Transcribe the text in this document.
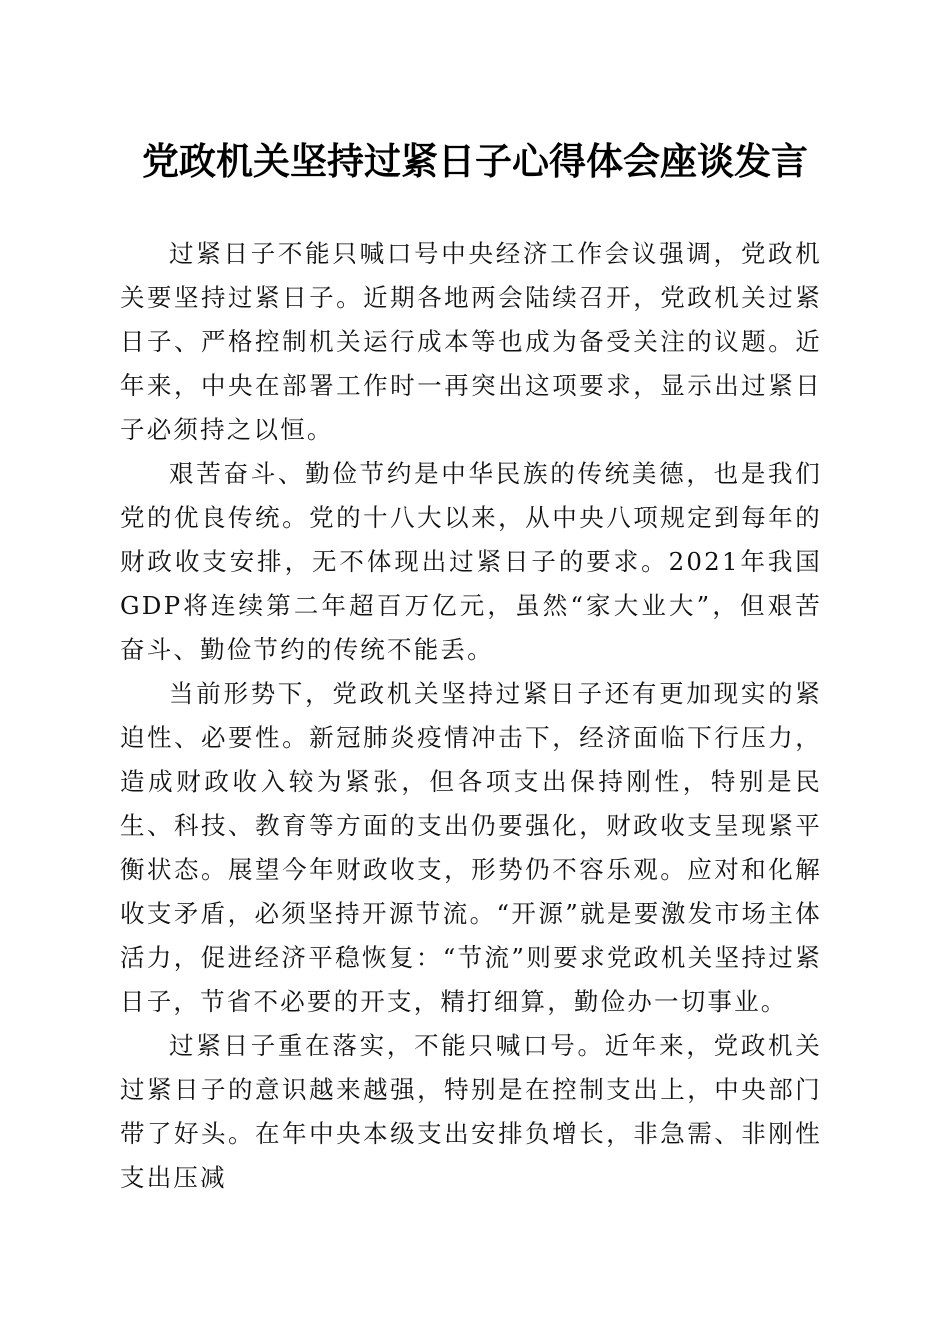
党政机关坚持过紧日子心得体会座谈发言

过紧日子不能只喊口号中央经济工作会议强调，党政机关要坚持过紧日子。近期各地两会陆续召开，党政机关过紧日子、严格控制机关运行成本等也成为备受关注的议题。近年来，中央在部署工作时一再突出这项要求，显示出过紧日子必须持之以恒。

艰苦奋斗、勤俭节约是中华民族的传统美德，也是我们党的优良传统。党的十八大以来，从中央八项规定到每年的财政收支安排，无不体现出过紧日子的要求。2021年我国GDP将连续第二年超百万亿元，虽然“家大业大”，但艰苦奋斗、勤俭节约的传统不能丢。

当前形势下，党政机关坚持过紧日子还有更加现实的紧迫性、必要性。新冠肺炎疫情冲击下，经济面临下行压力，造成财政收入较为紧张，但各项支出保持刚性，特别是民生、科技、教育等方面的支出仍要强化，财政收支呈现紧平衡状态。展望今年财政收支，形势仍不容乐观。应对和化解收支矛盾，必须坚持开源节流。“开源”就是要激发市场主体活力，促进经济平稳恢复：“节流”则要求党政机关坚持过紧日子，节省不必要的开支，精打细算，勤俭办一切事业。

过紧日子重在落实，不能只喊口号。近年来，党政机关过紧日子的意识越来越强，特别是在控制支出上，中央部门带了好头。在年中央本级支出安排负增长，非急需、非刚性支出压减
